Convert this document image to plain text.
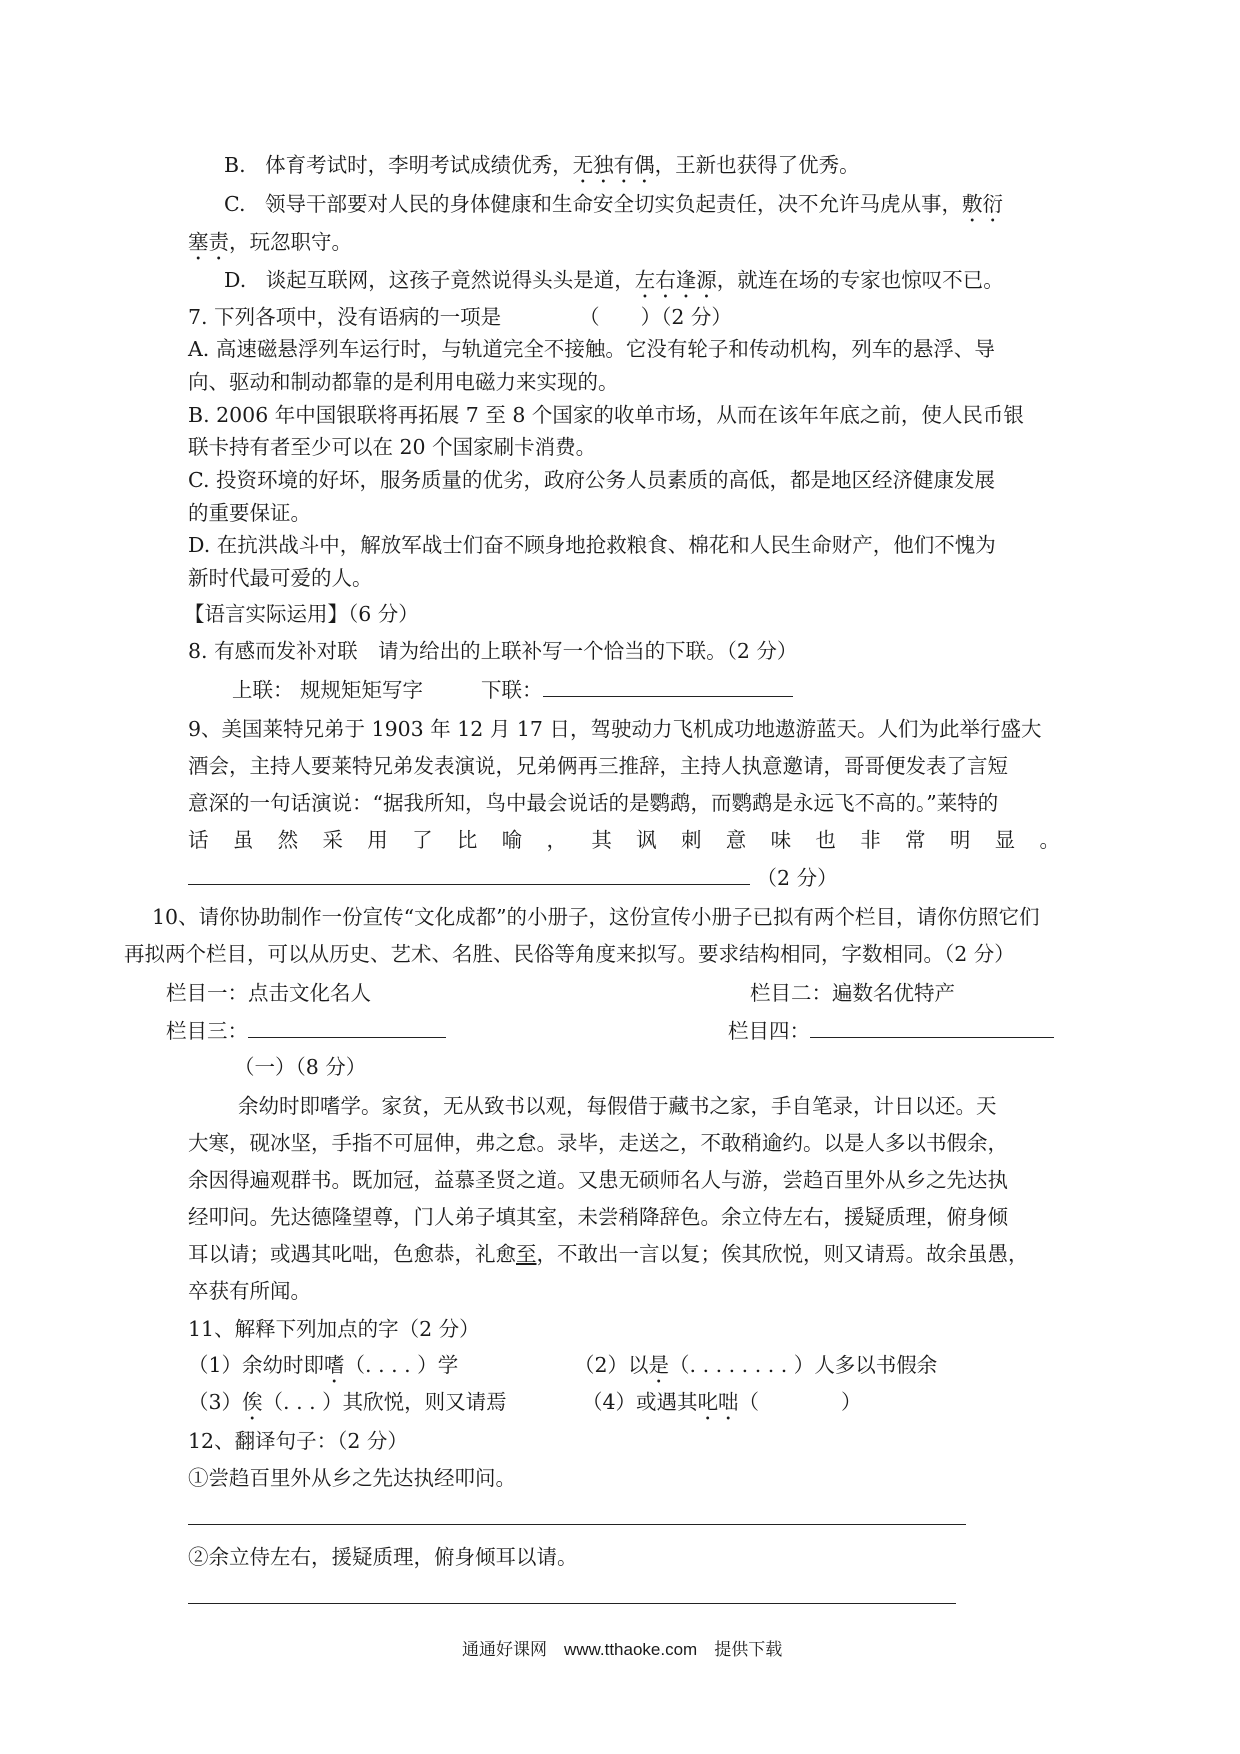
B. 体育考试时，李明考试成绩优秀，无独有偶，王新也获得了优秀。
C. 领导干部要对人民的身体健康和生命安全切实负起责任，决不允许马虎从事，敷衍
塞责，玩忽职守。
D. 谈起互联网，这孩子竟然说得头头是道，左右逢源，就连在场的专家也惊叹不已。
7. 下列各项中，没有语病的一项是	（　　）（2 分）
A. 高速磁悬浮列车运行时，与轨道完全不接触。它没有轮子和传动机构，列车的悬浮、导
向、驱动和制动都靠的是利用电磁力来实现的。
B. 2006 年中国银联将再拓展 7 至 8 个国家的收单市场，从而在该年年底之前，使人民币银
联卡持有者至少可以在 20 个国家刷卡消费。
C. 投资环境的好坏，服务质量的优劣，政府公务人员素质的高低，都是地区经济健康发展
的重要保证。
D. 在抗洪战斗中，解放军战士们奋不顾身地抢救粮食、棉花和人民生命财产，他们不愧为
新时代最可爱的人。
【语言实际运用】（6 分）
8. 有感而发补对联　请为给出的上联补写一个恰当的下联。（2 分）
上联： 规规矩矩写字	下联：
9、美国莱特兄弟于 1903 年 12 月 17 日，驾驶动力飞机成功地遨游蓝天。人们为此举行盛大
酒会，主持人要莱特兄弟发表演说，兄弟俩再三推辞，主持人执意邀请，哥哥便发表了言短
意深的一句话演说：“据我所知，鸟中最会说话的是鹦鹉，而鹦鹉是永远飞不高的。”莱特的
话 虽 然 采 用 了 比 喻 ， 其 讽 刺 意 味 也 非 常 明 显 。
（2 分）
10、请你协助制作一份宣传“文化成都”的小册子，这份宣传小册子已拟有两个栏目，请你仿照它们
再拟两个栏目，可以从历史、艺术、名胜、民俗等角度来拟写。要求结构相同，字数相同。（2 分）
栏目一：点击文化名人	栏目二：遍数名优特产
栏目三：	栏目四：
（一）（8 分）
余幼时即嗜学。家贫，无从致书以观，每假借于藏书之家，手自笔录，计日以还。天
大寒，砚冰坚，手指不可屈伸，弗之怠。录毕，走送之，不敢稍逾约。以是人多以书假余，
余因得遍观群书。既加冠，益慕圣贤之道。又患无硕师名人与游，尝趋百里外从乡之先达执
经叩问。先达德隆望尊，门人弟子填其室，未尝稍降辞色。余立侍左右，援疑质理，俯身倾
耳以请；或遇其叱咄，色愈恭，礼愈至，不敢出一言以复；俟其欣悦，则又请焉。故余虽愚，
卒获有所闻。
11、解释下列加点的字（2 分）
（1）余幼时即嗜（. . . . ）学	（2）以是（. . . . . . . . ）人多以书假余
（3）俟（. . . ）其欣悦，则又请焉	（4）或遇其叱咄（　　　　）
12、翻译句子：（2 分）
①尝趋百里外从乡之先达执经叩问。
②余立侍左右，援疑质理，俯身倾耳以请。
通通好课网　www.tthaoke.com　提供下载
